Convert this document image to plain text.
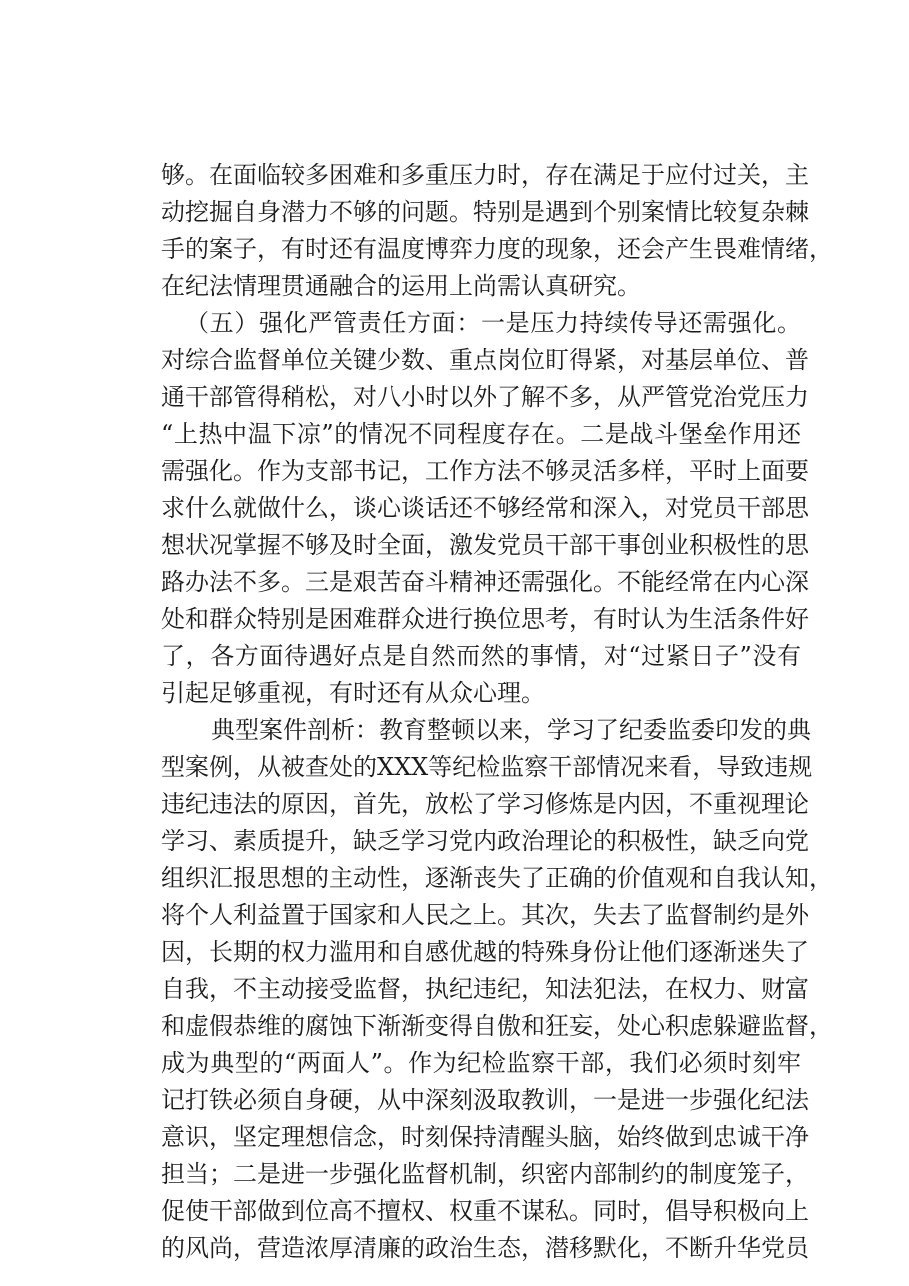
够。在面临较多困难和多重压力时，存在满足于应付过关，主
动挖掘自身潜力不够的问题。特别是遇到个别案情比较复杂棘
手的案子，有时还有温度博弈力度的现象，还会产生畏难情绪，
在纪法情理贯通融合的运用上尚需认真研究。
（五）强化严管责任方面：一是压力持续传导还需强化。
对综合监督单位关键少数、重点岗位盯得紧，对基层单位、普
通干部管得稍松，对八小时以外了解不多，从严管党治党压力
“上热中温下凉”的情况不同程度存在。二是战斗堡垒作用还
需强化。作为支部书记，工作方法不够灵活多样，平时上面要
求什么就做什么，谈心谈话还不够经常和深入，对党员干部思
想状况掌握不够及时全面，激发党员干部干事创业积极性的思
路办法不多。三是艰苦奋斗精神还需强化。不能经常在内心深
处和群众特别是困难群众进行换位思考，有时认为生活条件好
了，各方面待遇好点是自然而然的事情，对“过紧日子”没有
引起足够重视，有时还有从众心理。
典型案件剖析：教育整顿以来，学习了纪委监委印发的典
型案例，从被查处的XXX等纪检监察干部情况来看，导致违规
违纪违法的原因，首先，放松了学习修炼是内因，不重视理论
学习、素质提升，缺乏学习党内政治理论的积极性，缺乏向党
组织汇报思想的主动性，逐渐丧失了正确的价值观和自我认知，
将个人利益置于国家和人民之上。其次，失去了监督制约是外
因，长期的权力滥用和自感优越的特殊身份让他们逐渐迷失了
自我，不主动接受监督，执纪违纪，知法犯法，在权力、财富
和虚假恭维的腐蚀下渐渐变得自傲和狂妄，处心积虑躲避监督，
成为典型的“两面人”。作为纪检监察干部，我们必须时刻牢
记打铁必须自身硬，从中深刻汲取教训，一是进一步强化纪法
意识，坚定理想信念，时刻保持清醒头脑，始终做到忠诚干净
担当；二是进一步强化监督机制，织密内部制约的制度笼子，
促使干部做到位高不擅权、权重不谋私。同时，倡导积极向上
的风尚，营造浓厚清廉的政治生态，潜移默化，不断升华党员
